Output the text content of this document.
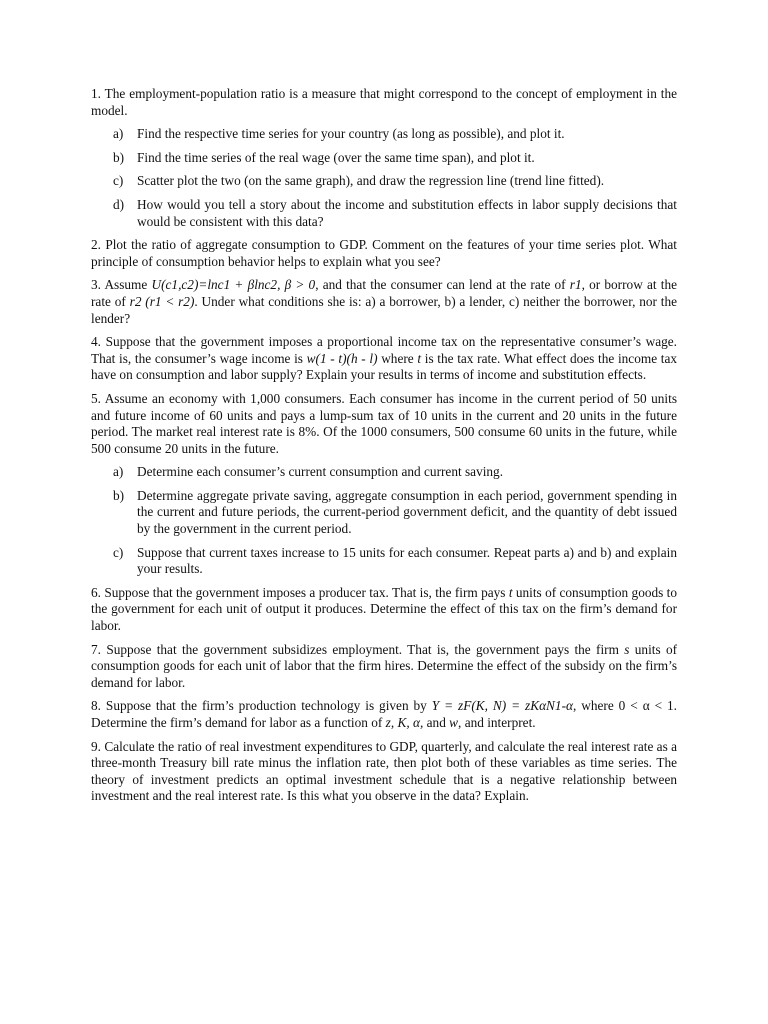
1. The employment-population ratio is a measure that might correspond to the concept of employment in the model.

a) Find the respective time series for your country (as long as possible), and plot it.
b) Find the time series of the real wage (over the same time span), and plot it.
c) Scatter plot the two (on the same graph), and draw the regression line (trend line fitted).
d) How would you tell a story about the income and substitution effects in labor supply decisions that would be consistent with this data?

2. Plot the ratio of aggregate consumption to GDP. Comment on the features of your time series plot. What principle of consumption behavior helps to explain what you see?

3. Assume U(c1,c2)=lnc1 + βlnc2, β > 0, and that the consumer can lend at the rate of r1, or borrow at the rate of r2 (r1 < r2). Under what conditions she is: a) a borrower, b) a lender, c) neither the borrower, nor the lender?

4. Suppose that the government imposes a proportional income tax on the representative consumer’s wage. That is, the consumer’s wage income is w(1 - t)(h - l) where t is the tax rate. What effect does the income tax have on consumption and labor supply? Explain your results in terms of income and substitution effects.

5. Assume an economy with 1,000 consumers. Each consumer has income in the current period of 50 units and future income of 60 units and pays a lump-sum tax of 10 units in the current and 20 units in the future period. The market real interest rate is 8%. Of the 1000 consumers, 500 consume 60 units in the future, while 500 consume 20 units in the future.

a) Determine each consumer’s current consumption and current saving.
b) Determine aggregate private saving, aggregate consumption in each period, government spending in the current and future periods, the current-period government deficit, and the quantity of debt issued by the government in the current period.
c) Suppose that current taxes increase to 15 units for each consumer. Repeat parts a) and b) and explain your results.

6. Suppose that the government imposes a producer tax. That is, the firm pays t units of consumption goods to the government for each unit of output it produces. Determine the effect of this tax on the firm’s demand for labor.

7. Suppose that the government subsidizes employment. That is, the government pays the firm s units of consumption goods for each unit of labor that the firm hires. Determine the effect of the subsidy on the firm’s demand for labor.

8. Suppose that the firm’s production technology is given by Y = zF(K, N) = zKαN1-α, where 0 < α < 1. Determine the firm’s demand for labor as a function of z, K, α, and w, and interpret.

9. Calculate the ratio of real investment expenditures to GDP, quarterly, and calculate the real interest rate as a three-month Treasury bill rate minus the inflation rate, then plot both of these variables as time series. The theory of investment predicts an optimal investment schedule that is a negative relationship between investment and the real interest rate. Is this what you observe in the data? Explain.
